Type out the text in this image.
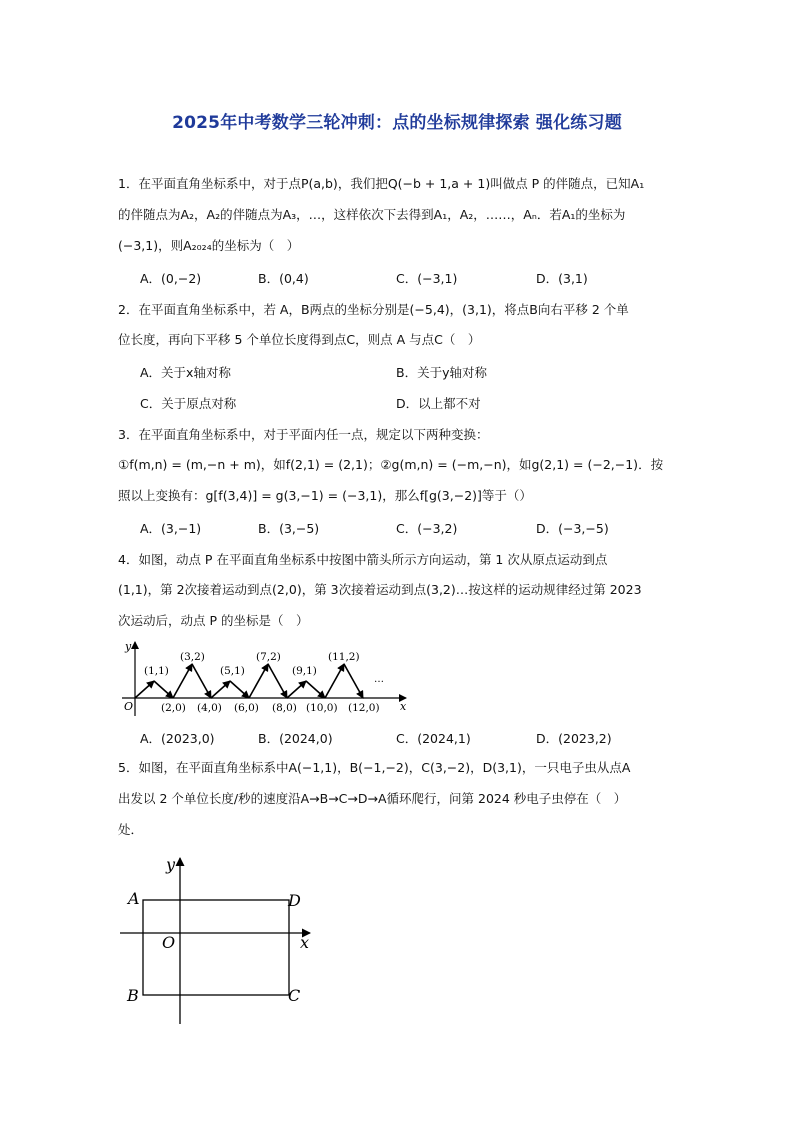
2025年中考数学三轮冲刺：点的坐标规律探索 强化练习题
1．在平面直角坐标系中，对于点P(a,b)，我们把Q(−b + 1,a + 1)叫做点 P 的伴随点，已知A₁
的伴随点为A₂，A₂的伴随点为A₃，…，这样依次下去得到A₁，A₂，……，Aₙ．若A₁的坐标为
(−3,1)，则A₂₀₂₄的坐标为（　）
A．(0,−2)	B．(0,4)	C．(−3,1)	D．(3,1)
2．在平面直角坐标系中，若 A，B两点的坐标分别是(−5,4)，(3,1)，将点B向右平移 2 个单
位长度，再向下平移 5 个单位长度得到点C，则点 A 与点C（　）
A．关于x轴对称	B．关于y轴对称
C．关于原点对称	D．以上都不对
3．在平面直角坐标系中，对于平面内任一点，规定以下两种变换：
①f(m,n) = (m,−n + m)，如f(2,1) = (2,1)；②g(m,n) = (−m,−n)，如g(2,1) = (−2,−1)．按
照以上变换有：g[f(3,4)] = g(3,−1) = (−3,1)，那么f[g(3,−2)]等于（）
A．(3,−1)	B．(3,−5)	C．(−3,2)	D．(−3,−5)
4．如图，动点 P 在平面直角坐标系中按图中箭头所示方向运动，第 1 次从原点运动到点
(1,1)，第 2次接着运动到点(2,0)，第 3次接着运动到点(3,2)…按这样的运动规律经过第 2023
次运动后，动点 P 的坐标是（　）
y
x
O
(1,1)
(3,2)
(5,1)
(7,2)
(9,1)
(11,2)
…
(2,0) (4,0) (6,0) (8,0) (10,0) (12,0)
A．(2023,0)	B．(2024,0)	C．(2024,1)	D．(2023,2)
5．如图，在平面直角坐标系中A(−1,1)，B(−1,−2)，C(3,−2)，D(3,1)，一只电子虫从点A
出发以 2 个单位长度/秒的速度沿A→B→C→D→A循环爬行，问第 2024 秒电子虫停在（　）
处．
y
x
O
A
B	C
D
